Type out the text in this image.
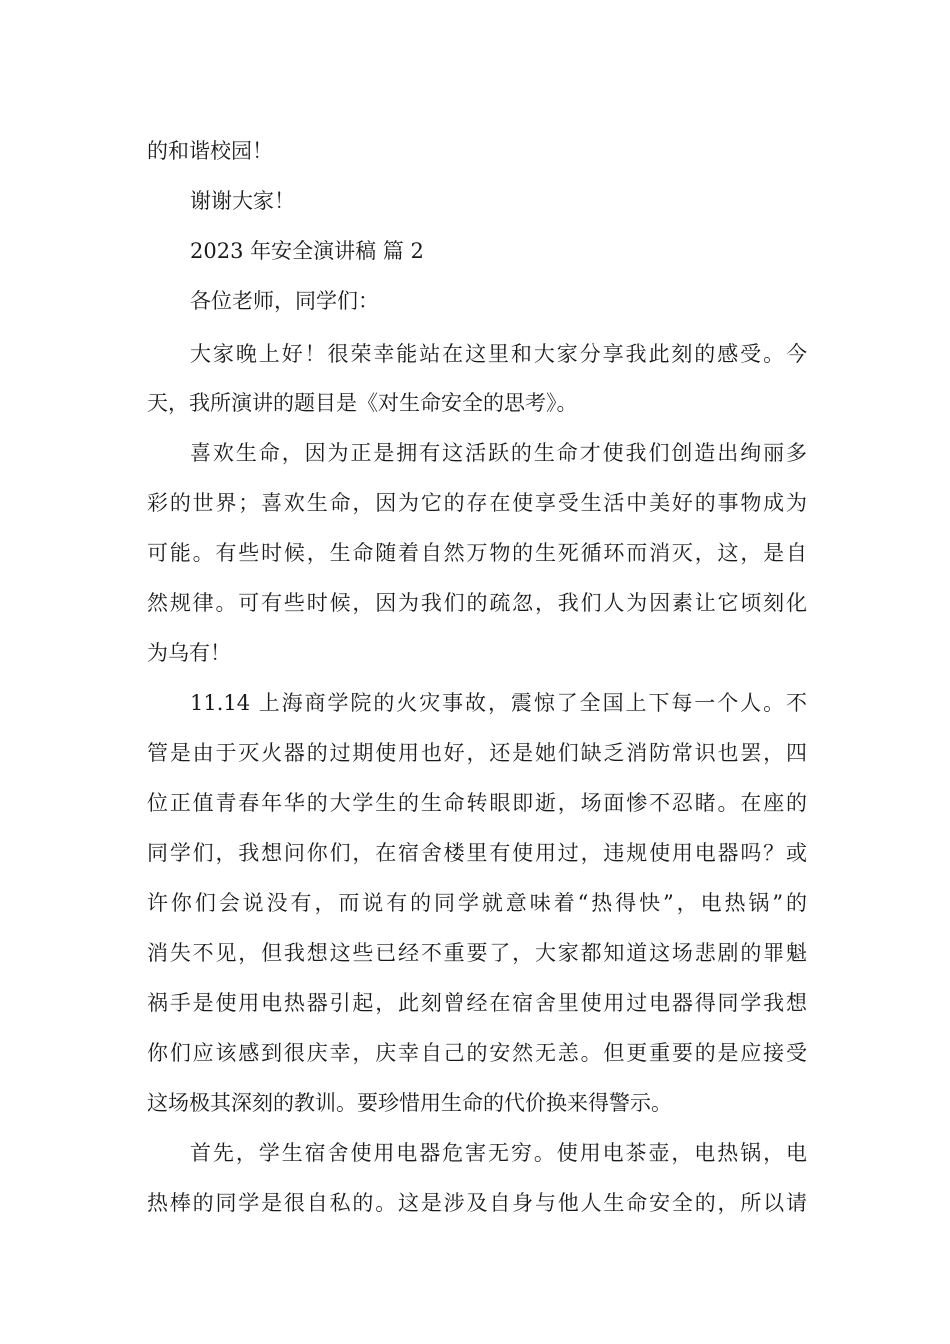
的和谐校园！
谢谢大家！
2023 年安全演讲稿 篇 2
各位老师，同学们：
大家晚上好！很荣幸能站在这里和大家分享我此刻的感受。今
天，我所演讲的题目是《对生命安全的思考》。
喜欢生命，因为正是拥有这活跃的生命才使我们创造出绚丽多
彩的世界；喜欢生命，因为它的存在使享受生活中美好的事物成为
可能。有些时候，生命随着自然万物的生死循环而消灭，这，是自
然规律。可有些时候，因为我们的疏忽，我们人为因素让它顷刻化
为乌有！
11.14 上海商学院的火灾事故，震惊了全国上下每一个人。不
管是由于灭火器的过期使用也好，还是她们缺乏消防常识也罢，四
位正值青春年华的大学生的生命转眼即逝，场面惨不忍睹。在座的
同学们，我想问你们，在宿舍楼里有使用过，违规使用电器吗？或
许你们会说没有，而说有的同学就意味着“热得快”，电热锅”的
消失不见，但我想这些已经不重要了，大家都知道这场悲剧的罪魁
祸手是使用电热器引起，此刻曾经在宿舍里使用过电器得同学我想
你们应该感到很庆幸，庆幸自己的安然无恙。但更重要的是应接受
这场极其深刻的教训。要珍惜用生命的代价换来得警示。
首先，学生宿舍使用电器危害无穷。使用电茶壶，电热锅，电
热棒的同学是很自私的。这是涉及自身与他人生命安全的，所以请
